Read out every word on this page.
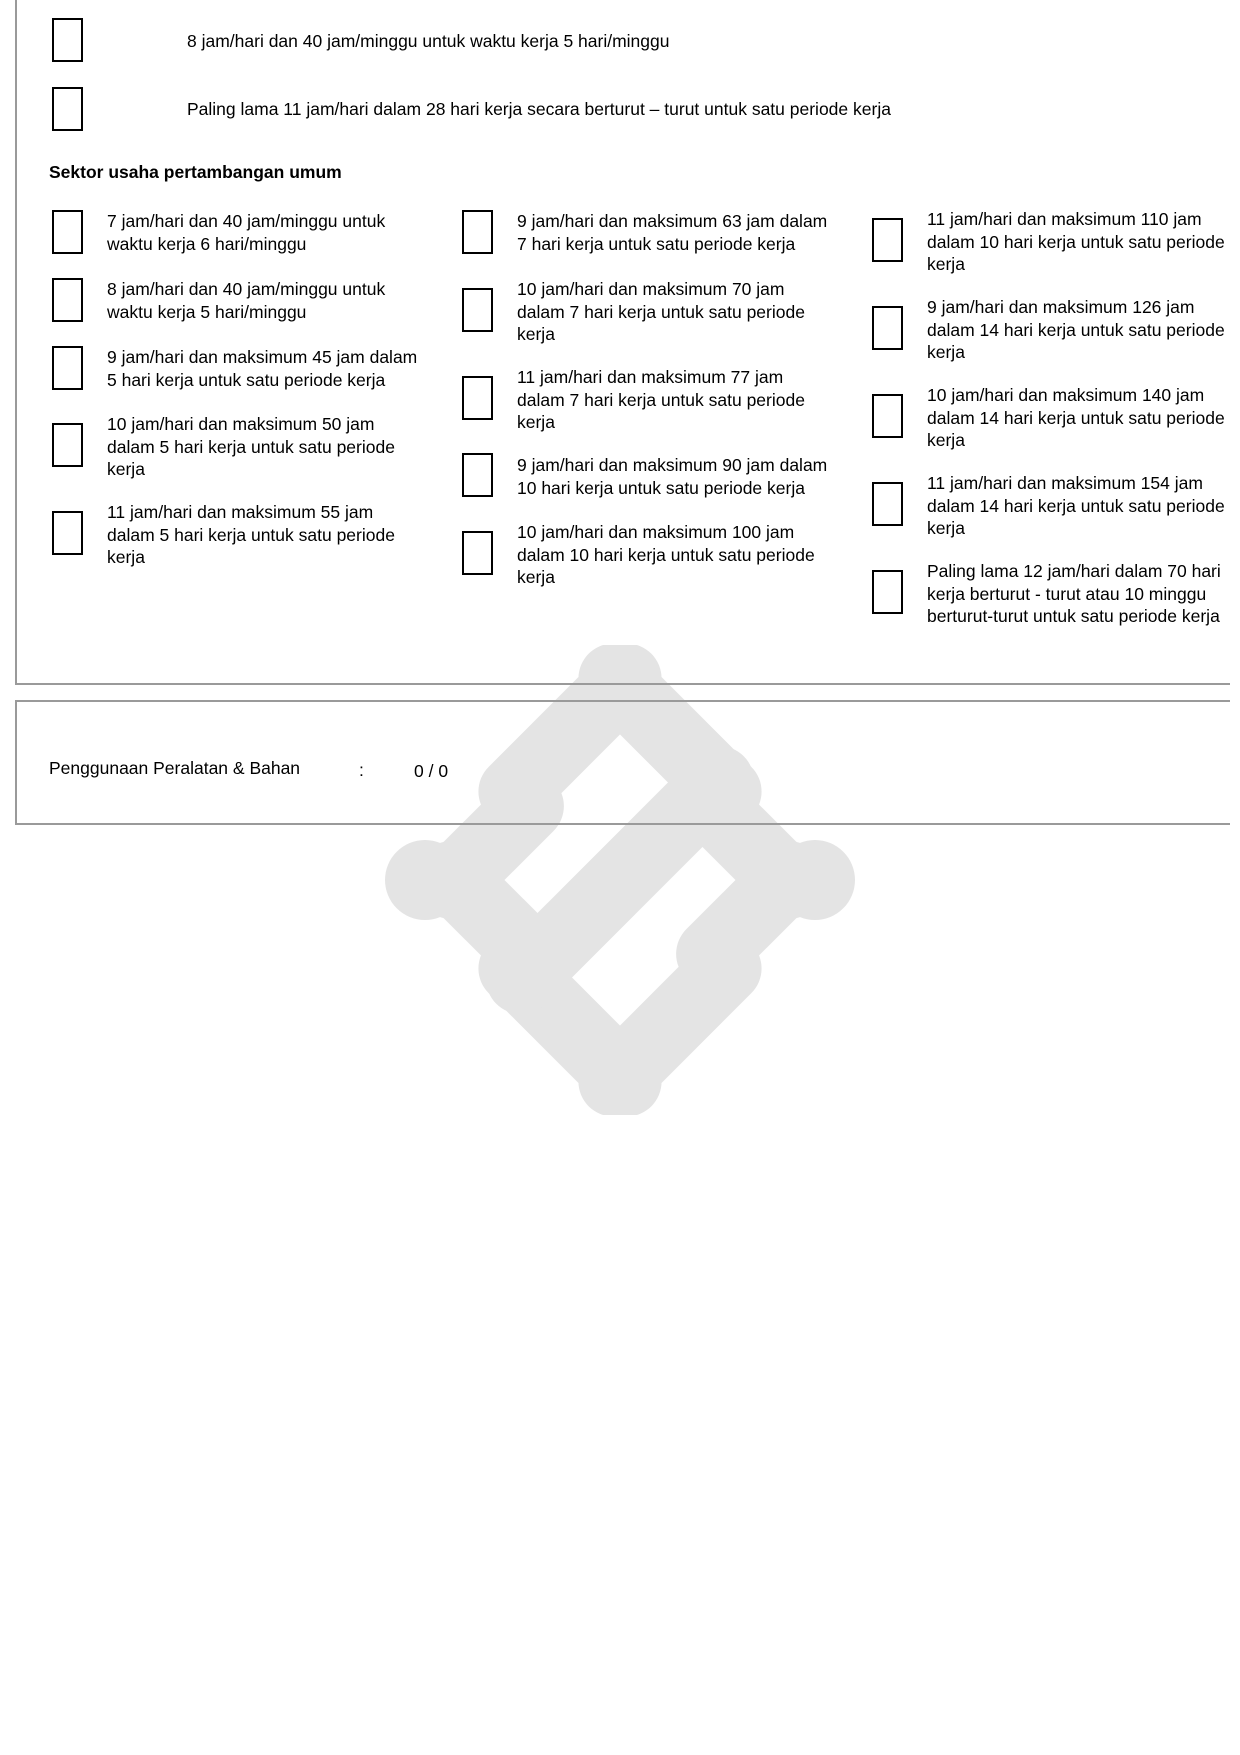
8 jam/hari dan 40 jam/minggu untuk waktu kerja 5 hari/minggu
Paling lama 11 jam/hari dalam 28 hari kerja secara berturut – turut untuk satu periode kerja
Sektor usaha pertambangan umum
7 jam/hari dan 40 jam/minggu untuk
waktu kerja 6 hari/minggu
8 jam/hari dan 40 jam/minggu untuk
waktu kerja 5 hari/minggu
9 jam/hari dan maksimum 45 jam dalam
5 hari kerja untuk satu periode kerja
10 jam/hari dan maksimum 50 jam
dalam 5 hari kerja untuk satu periode
kerja
11 jam/hari dan maksimum 55 jam
dalam 5 hari kerja untuk satu periode
kerja
9 jam/hari dan maksimum 63 jam dalam
7 hari kerja untuk satu periode kerja
10 jam/hari dan maksimum 70 jam
dalam 7 hari kerja untuk satu periode
kerja
11 jam/hari dan maksimum 77 jam
dalam 7 hari kerja untuk satu periode
kerja
9 jam/hari dan maksimum 90 jam dalam
10 hari kerja untuk satu periode kerja
10 jam/hari dan maksimum 100 jam
dalam 10 hari kerja untuk satu periode
kerja
11 jam/hari dan maksimum 110 jam
dalam 10 hari kerja untuk satu periode
kerja
9 jam/hari dan maksimum 126 jam
dalam 14 hari kerja untuk satu periode
kerja
10 jam/hari dan maksimum 140 jam
dalam 14 hari kerja untuk satu periode
kerja
11 jam/hari dan maksimum 154 jam
dalam 14 hari kerja untuk satu periode
kerja
Paling lama 12 jam/hari dalam 70 hari
kerja berturut - turut atau 10 minggu
berturut-turut untuk satu periode kerja
Penggunaan Peralatan & Bahan	:	0 / 0
